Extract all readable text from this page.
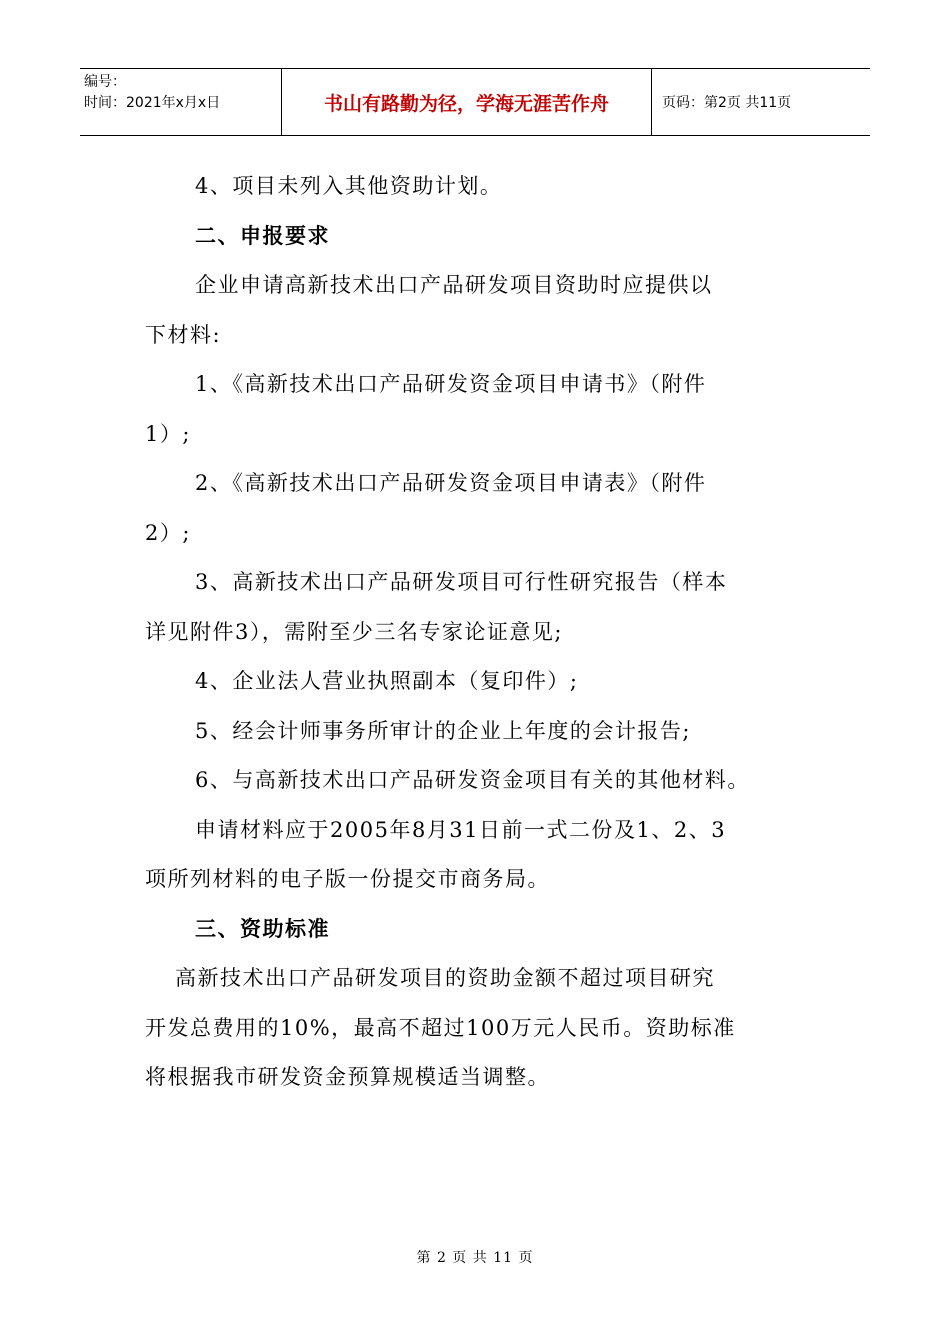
编号：
时间：2021年x月x日	书山有路勤为径，学海无涯苦作舟	页码：第2页 共11页

4、项目未列入其他资助计划。

二、申报要求

企业申请高新技术出口产品研发项目资助时应提供以

下材料:

1、《高新技术出口产品研发资金项目申请书》（附件

1）;

2、《高新技术出口产品研发资金项目申请表》（附件

2）;

3、高新技术出口产品研发项目可行性研究报告（样本

详见附件3），需附至少三名专家论证意见;

4、企业法人营业执照副本（复印件）;

5、经会计师事务所审计的企业上年度的会计报告;

6、与高新技术出口产品研发资金项目有关的其他材料。

申请材料应于2005年8月31日前一式二份及1、2、3

项所列材料的电子版一份提交市商务局。

三、资助标准

高新技术出口产品研发项目的资助金额不超过项目研究

开发总费用的10%，最高不超过100万元人民币。资助标准

将根据我市研发资金预算规模适当调整。

第 2 页 共 11 页
